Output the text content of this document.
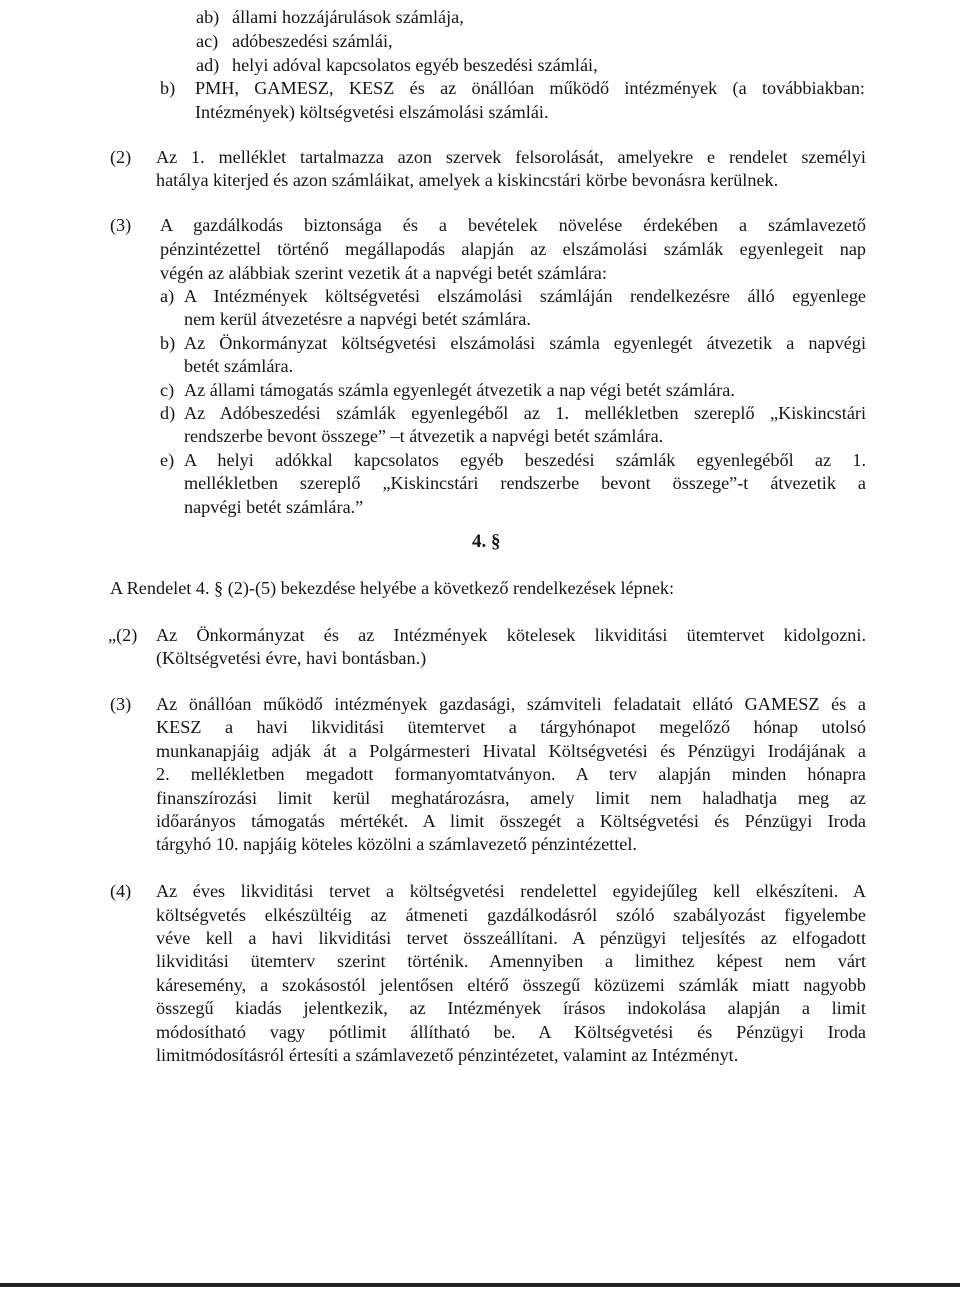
ab) állami hozzájárulások számlája,
ac) adóbeszedési számlái,
ad) helyi adóval kapcsolatos egyéb beszedési számlái,
b) PMH, GAMESZ, KESZ és az önállóan működő intézmények (a továbbiakban:
Intézmények) költségvetési elszámolási számlái.
(2) Az 1. melléklet tartalmazza azon szervek felsorolását, amelyekre e rendelet személyi
hatálya kiterjed és azon számláikat, amelyek a kiskincstári körbe bevonásra kerülnek.
(3) A gazdálkodás biztonsága és a bevételek növelése érdekében a számlavezető
pénzintézettel történő megállapodás alapján az elszámolási számlák egyenlegeit nap
végén az alábbiak szerint vezetik át a napvégi betét számlára:
a) A Intézmények költségvetési elszámolási számláján rendelkezésre álló egyenlege
nem kerül átvezetésre a napvégi betét számlára.
b) Az Önkormányzat költségvetési elszámolási számla egyenlegét átvezetik a napvégi
betét számlára.
c) Az állami támogatás számla egyenlegét átvezetik a nap végi betét számlára.
d) Az Adóbeszedési számlák egyenlegéből az 1. mellékletben szereplő „Kiskincstári
rendszerbe bevont összege” –t átvezetik a napvégi betét számlára.
e) A helyi adókkal kapcsolatos egyéb beszedési számlák egyenlegéből az 1.
mellékletben szereplő „Kiskincstári rendszerbe bevont összege”-t átvezetik a
napvégi betét számlára.”
4. §
A Rendelet 4. § (2)-(5) bekezdése helyébe a következő rendelkezések lépnek:
„(2) Az Önkormányzat és az Intézmények kötelesek likviditási ütemtervet kidolgozni.
(Költségvetési évre, havi bontásban.)
(3) Az önállóan működő intézmények gazdasági, számviteli feladatait ellátó GAMESZ és a
KESZ a havi likviditási ütemtervet a tárgyhónapot megelőző hónap utolsó
munkanapjáig adják át a Polgármesteri Hivatal Költségvetési és Pénzügyi Irodájának a
2. mellékletben megadott formanyomtatványon. A terv alapján minden hónapra
finanszírozási limit kerül meghatározásra, amely limit nem haladhatja meg az
időarányos támogatás mértékét. A limit összegét a Költségvetési és Pénzügyi Iroda
tárgyhó 10. napjáig köteles közölni a számlavezető pénzintézettel.
(4) Az éves likviditási tervet a költségvetési rendelettel egyidejűleg kell elkészíteni. A
költségvetés elkészültéig az átmeneti gazdálkodásról szóló szabályozást figyelembe
véve kell a havi likviditási tervet összeállítani. A pénzügyi teljesítés az elfogadott
likviditási ütemterv szerint történik. Amennyiben a limithez képest nem várt
káresemény, a szokásostól jelentősen eltérő összegű közüzemi számlák miatt nagyobb
összegű kiadás jelentkezik, az Intézmények írásos indokolása alapján a limit
módosítható vagy pótlimit állítható be. A Költségvetési és Pénzügyi Iroda
limitmódosításról értesíti a számlavezető pénzintézetet, valamint az Intézményt.
